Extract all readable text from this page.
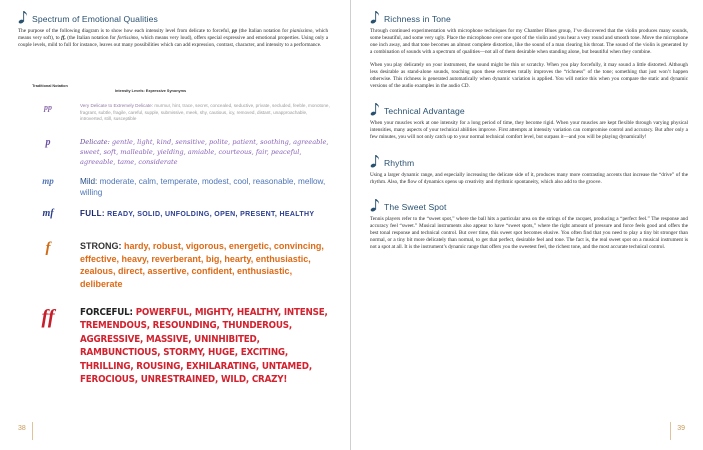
Spectrum of Emotional Qualities

The purpose of the following diagram is to show how each intensity level from delicate to forceful, pp (the Italian notation for pianissimo, which means very soft), to ff, (the Italian notation for fortissimo, which means very loud), offers special expressive and emotional properties. Using only a couple levels, mild to full for instance, leaves out many possibilities which can add expression, contrast, character, and intensity to a performance.

Traditional Notation
Intensity Levels: Expressive Synonyms
pp	Very Delicate to Extremely Delicate: murmur, hint, trace, secret, concealed, seductive, private, secluded, feeble, monotone, fragrant, subtle, fragile, careful, supple, submissive, meek, shy, cautious, icy, removed, distant, unapproachable, introverted, still, susceptible
p	Delicate: gentle, light, kind, sensitive, polite, patient, soothing, agreeable, sweet, soft, malleable, yielding, amiable, courteous, fair, peaceful, agreeable, tame, considerate
mp	Mild: moderate, calm, temperate, modest, cool, reasonable, mellow, willing
mf	FULL: READY, SOLID, UNFOLDING, OPEN, PRESENT, HEALTHY
f	STRONG: hardy, robust, vigorous, energetic, convincing, effective, heavy, reverberant, big, hearty, enthusiastic, zealous, direct, assertive, confident, enthusiastic, deliberate
ff	FORCEFUL: POWERFUL, MIGHTY, HEALTHY, INTENSE, TREMENDOUS, RESOUNDING, THUNDEROUS, AGGRESSIVE, MASSIVE, UNINHIBITED, RAMBUNCTIOUS, STORMY, HUGE, EXCITING, THRILLING, ROUSING, EXHILARATING, UNTAMED, FEROCIOUS, UNRESTRAINED, WILD, CRAZY!
38
Richness in Tone

Through continued experimentation with microphone techniques for my Chamber Blues group, I’ve discovered that the violin produces many sounds, some beautiful, and some very ugly. Place the microphone over one spot of the violin and you hear a very round and smooth tone. Move the microphone one inch away, and that tone becomes an almost complete distortion, like the sound of a man clearing his throat. The sound of the violin is generated by a combination of sounds with a spectrum of qualities—not all of them desirable when standing alone, but beautiful when they combine.

When you play delicately on your instrument, the sound might be thin or scratchy. When you play forcefully, it may sound a little distorted. Although less desirable as stand-alone sounds, touching upon these extremes totally improves the “richness” of the tone; something that just won’t happen otherwise. This richness is generated automatically when dynamic variation is applied. You will notice this when you compare the static and dynamic versions of the audio examples in the audio CD.

Technical Advantage

When your muscles work at one intensity for a long period of time, they become rigid. When your muscles are kept flexible through varying physical intensities, many aspects of your technical abilities improve. First attempts at intensity variation can compromise control and accuracy. But after only a few minutes, you will not only catch up to your normal technical comfort level, but surpass it—and you will be playing dynamically!

Rhythm

Using a larger dynamic range, and especially increasing the delicate side of it, produces many more contrasting accents that increase the “drive” of the rhythm. Also, the flow of dynamics opens up creativity and rhythmic spontaneity, which also add to the groove.

The Sweet Spot

Tennis players refer to the “sweet spot,” where the ball hits a particular area on the strings of the racquet, producing a “perfect feel.” The response and accuracy feel “sweet.” Musical instruments also appear to have “sweet spots,” where the right amount of pressure and force feels good and offers the best tonal response and technical control. But over time, this sweet spot becomes elusive. You often find that you need to play a tiny bit stronger than normal, or a tiny bit more delicately than normal, to get that perfect, desirable feel and tone. The fact is, the real sweet spot on a musical instrument is not a spot at all. It is the instrument’s dynamic range that offers you the sweetest feel, the richest tone, and the most accurate technical control.

39
